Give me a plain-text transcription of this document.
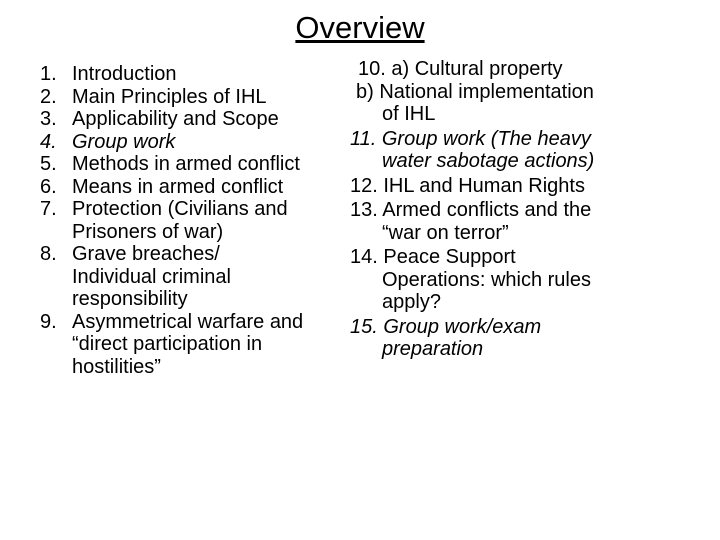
Overview
1. Introduction
2. Main Principles of IHL
3. Applicability and Scope
4. Group work
5. Methods in armed conflict
6. Means in armed conflict
7. Protection (Civilians and Prisoners of war)
8. Grave breaches/ Individual criminal responsibility
9. Asymmetrical warfare and “direct participation in hostilities”
10. a) Cultural property
b) National implementation
of IHL
11. Group work (The heavy
water sabotage actions)
12. IHL and Human Rights
13. Armed conflicts and the
“war on terror”
14. Peace Support
Operations: which rules
apply?
15. Group work/exam
preparation
